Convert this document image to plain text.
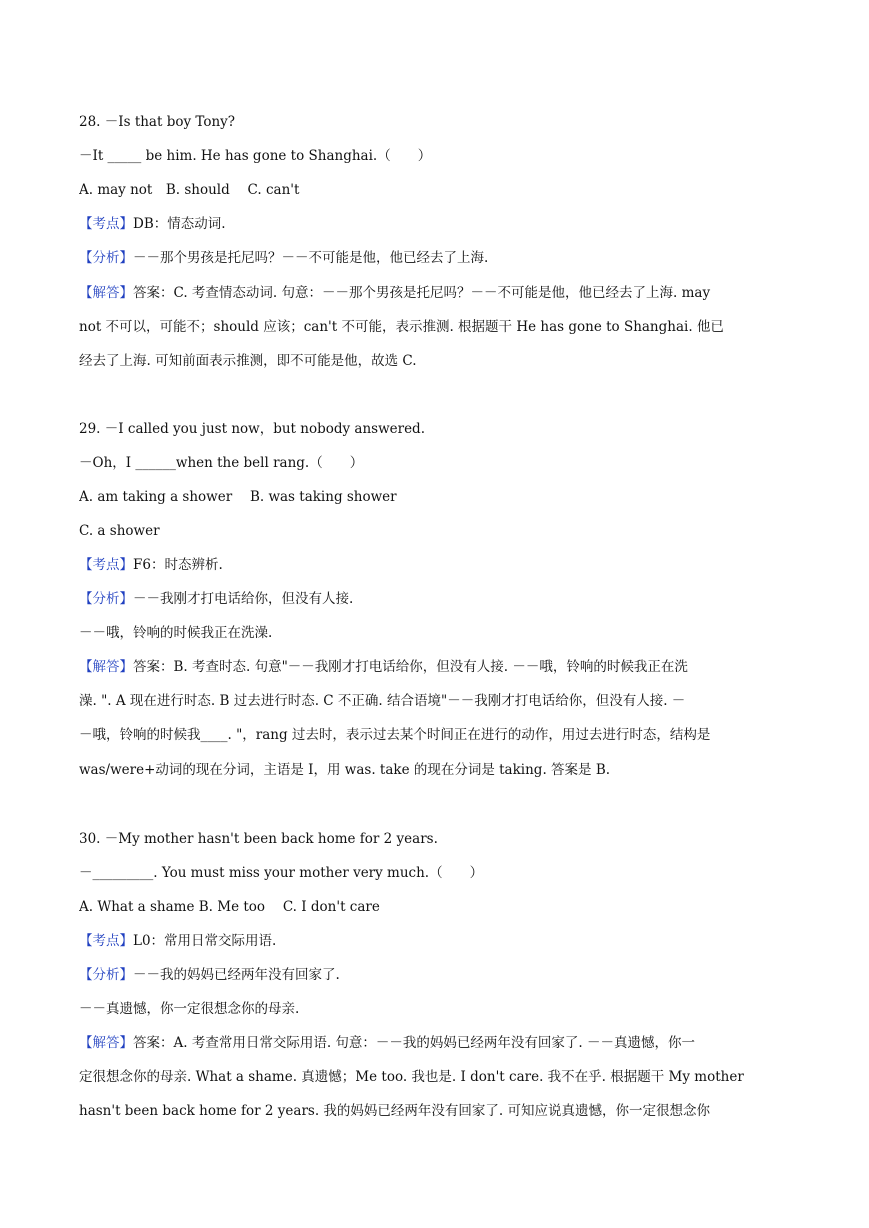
28. －Is that boy Tony?
－It _____ be him. He has gone to Shanghai.（　　）
A. may not　B. should　 C. can't
【考点】DB：情态动词.
【分析】－－那个男孩是托尼吗？－－不可能是他，他已经去了上海.
【解答】答案：C. 考查情态动词. 句意：－－那个男孩是托尼吗？－－不可能是他，他已经去了上海. may
not 不可以，可能不；should 应该；can't 不可能，表示推测. 根据题干 He has gone to Shanghai. 他已
经去了上海. 可知前面表示推测，即不可能是他，故选 C.
29. －I called you just now，but nobody answered.
－Oh，I ______when the bell rang.（　　）
A. am taking a shower　 B. was taking shower
C. a shower
【考点】F6：时态辨析.
【分析】－－我刚才打电话给你，但没有人接.
－－哦，铃响的时候我正在洗澡.
【解答】答案：B. 考查时态. 句意"－－我刚才打电话给你，但没有人接. －－哦，铃响的时候我正在洗
澡. ". A 现在进行时态. B 过去进行时态. C 不正确. 结合语境"－－我刚才打电话给你，但没有人接. －
－哦，铃响的时候我____. "，rang 过去时，表示过去某个时间正在进行的动作，用过去进行时态，结构是
was/were+动词的现在分词，主语是 I，用 was. take 的现在分词是 taking. 答案是 B.
30. －My mother hasn't been back home for 2 years.
－_________. You must miss your mother very much.（　　）
A. What a shame B. Me too　 C. I don't care
【考点】L0：常用日常交际用语.
【分析】－－我的妈妈已经两年没有回家了.
－－真遗憾，你一定很想念你的母亲.
【解答】答案：A. 考查常用日常交际用语. 句意：－－我的妈妈已经两年没有回家了. －－真遗憾，你一
定很想念你的母亲. What a shame. 真遗憾；Me too. 我也是. I don't care. 我不在乎. 根据题干 My mother
hasn't been back home for 2 years. 我的妈妈已经两年没有回家了. 可知应说真遗憾，你一定很想念你
